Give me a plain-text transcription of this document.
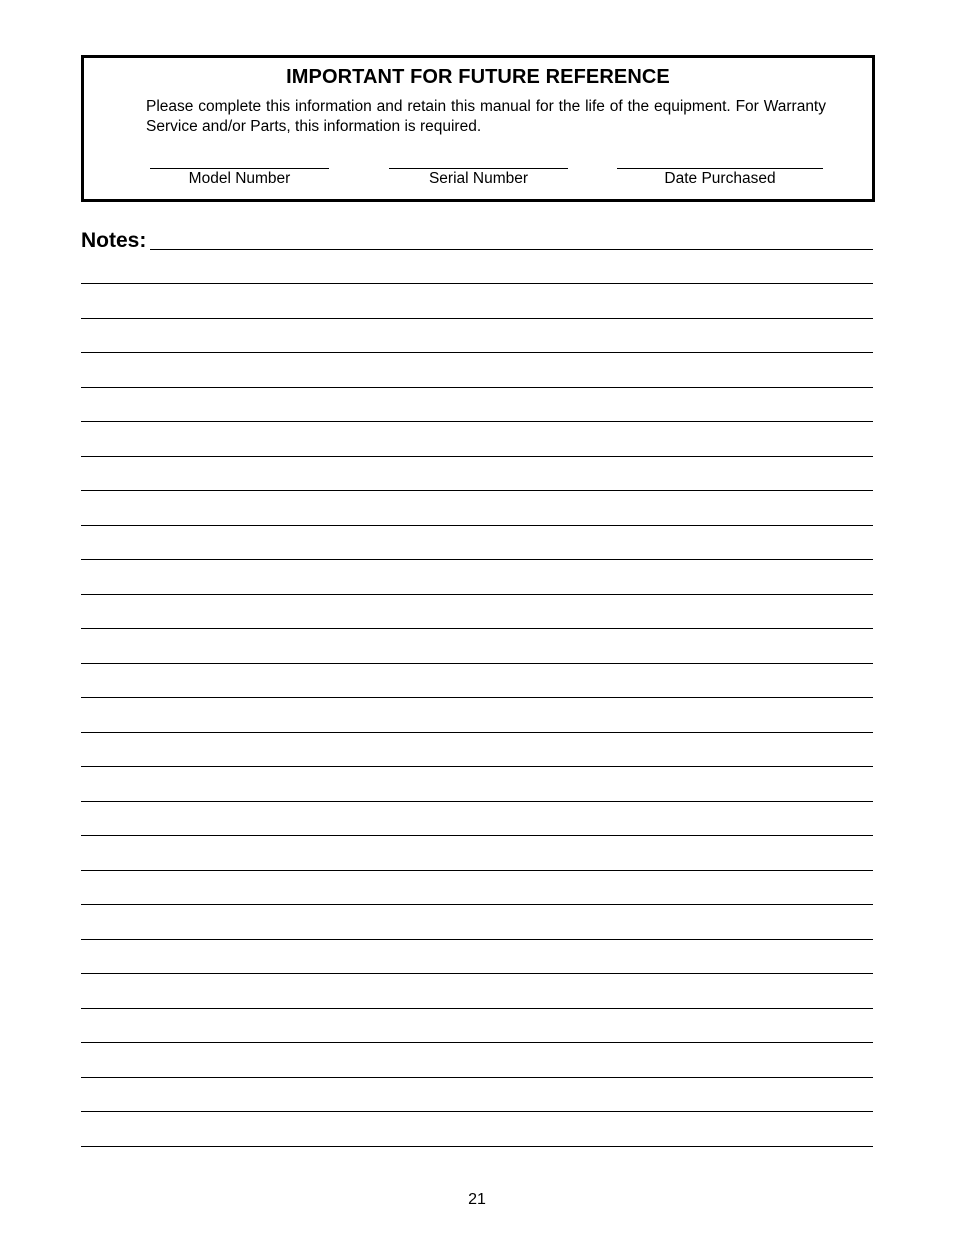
IMPORTANT FOR FUTURE REFERENCE
Please complete this information and retain this manual for the life of the equipment. For Warranty Service and/or Parts, this information is required.
Model Number	Serial Number	Date Purchased
Notes:
21
